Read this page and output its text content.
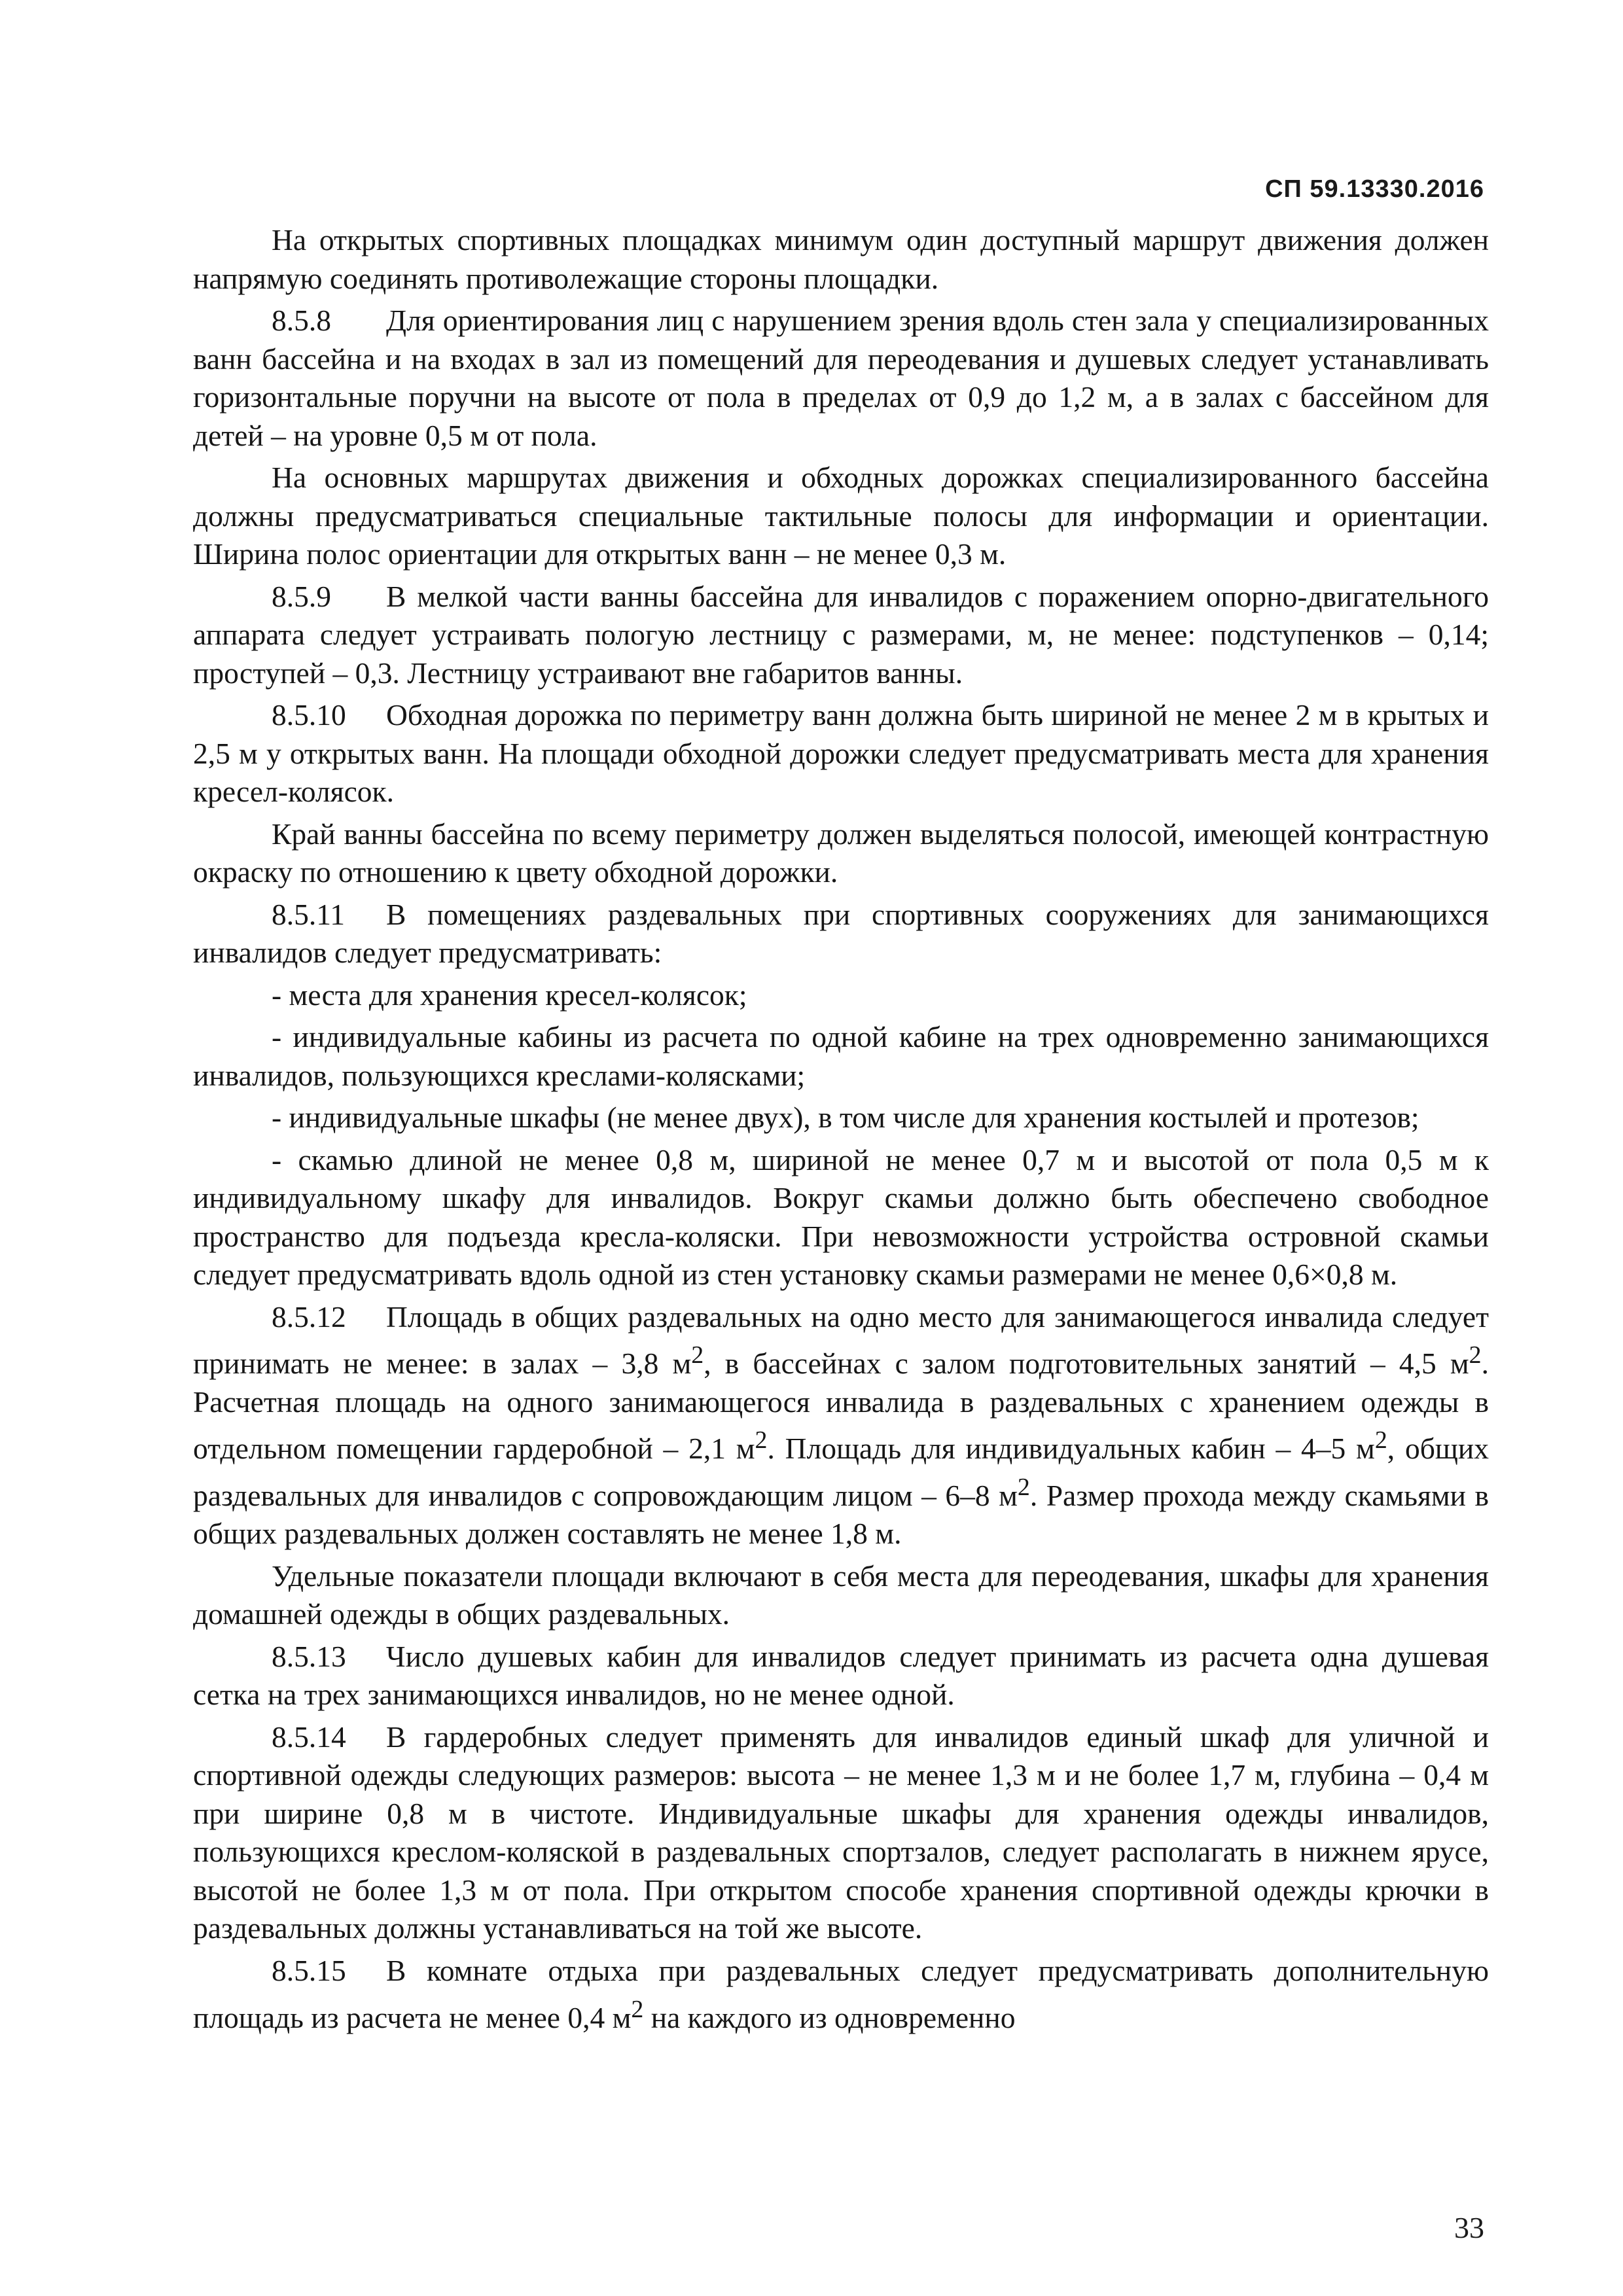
СП 59.13330.2016

На открытых спортивных площадках минимум один доступный маршрут движения должен напрямую соединять противолежащие стороны площадки.

8.5.8 Для ориентирования лиц с нарушением зрения вдоль стен зала у специализированных ванн бассейна и на входах в зал из помещений для переодевания и душевых следует устанавливать горизонтальные поручни на высоте от пола в пределах от 0,9 до 1,2 м, а в залах с бассейном для детей – на уровне 0,5 м от пола.

На основных маршрутах движения и обходных дорожках специализированного бассейна должны предусматриваться специальные тактильные полосы для информации и ориентации. Ширина полос ориентации для открытых ванн – не менее 0,3 м.

8.5.9 В мелкой части ванны бассейна для инвалидов с поражением опорно-двигательного аппарата следует устраивать пологую лестницу с размерами, м, не менее: подступенков – 0,14; проступей – 0,3. Лестницу устраивают вне габаритов ванны.

8.5.10 Обходная дорожка по периметру ванн должна быть шириной не менее 2 м в крытых и 2,5 м у открытых ванн. На площади обходной дорожки следует предусматривать места для хранения кресел-колясок.

Край ванны бассейна по всему периметру должен выделяться полосой, имеющей контрастную окраску по отношению к цвету обходной дорожки.

8.5.11 В помещениях раздевальных при спортивных сооружениях для занимающихся инвалидов следует предусматривать:

- места для хранения кресел-колясок;

- индивидуальные кабины из расчета по одной кабине на трех одновременно занимающихся инвалидов, пользующихся креслами-колясками;

- индивидуальные шкафы (не менее двух), в том числе для хранения костылей и протезов;

- скамью длиной не менее 0,8 м, шириной не менее 0,7 м и высотой от пола 0,5 м к индивидуальному шкафу для инвалидов. Вокруг скамьи должно быть обеспечено свободное пространство для подъезда кресла-коляски. При невозможности устройства островной скамьи следует предусматривать вдоль одной из стен установку скамьи размерами не менее 0,6×0,8 м.

8.5.12 Площадь в общих раздевальных на одно место для занимающегося инвалида следует принимать не менее: в залах – 3,8 $м^2$, в бассейнах с залом подготовительных занятий – 4,5 $м^2$. Расчетная площадь на одного занимающегося инвалида в раздевальных с хранением одежды в отдельном помещении гардеробной – 2,1 $м^2$. Площадь для индивидуальных кабин – 4–5 $м^2$, общих раздевальных для инвалидов с сопровождающим лицом – 6–8 $м^2$. Размер прохода между скамьями в общих раздевальных должен составлять не менее 1,8 м.

Удельные показатели площади включают в себя места для переодевания, шкафы для хранения домашней одежды в общих раздевальных.

8.5.13 Число душевых кабин для инвалидов следует принимать из расчета одна душевая сетка на трех занимающихся инвалидов, но не менее одной.

8.5.14 В гардеробных следует применять для инвалидов единый шкаф для уличной и спортивной одежды следующих размеров: высота – не менее 1,3 м и не более 1,7 м, глубина – 0,4 м при ширине 0,8 м в чистоте. Индивидуальные шкафы для хранения одежды инвалидов, пользующихся креслом-коляской в раздевальных спортзалов, следует располагать в нижнем ярусе, высотой не более 1,3 м от пола. При открытом способе хранения спортивной одежды крючки в раздевальных должны устанавливаться на той же высоте.

8.5.15 В комнате отдыха при раздевальных следует предусматривать дополнительную площадь из расчета не менее 0,4 $м^2$ на каждого из одновременно

33
